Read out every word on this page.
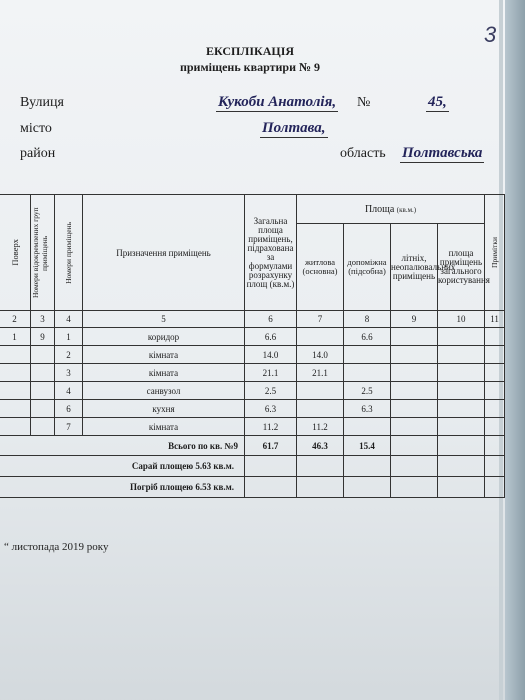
3
ЕКСПЛІКАЦІЯ
приміщень квартири № 9
Вулиця	Кукоби Анатолія, №	45,
місто	Полтава,
район	область Полтавська
Поверх	Номери відокремлених груп приміщень	Номери приміщень	Призначення приміщень	Загальна площа приміщень, підрахована за формулами розрахунку площ (кв.м.)	Площа (кв.м.)				Примітки

					житлова (основна)	допоміжна (підсобна)	літніх, неопалювальних приміщень	площа приміщень загального користування	
2	3	4	5	6	7	8	9	10	11
1	9	1	коридор	6.6		6.6			
		2	кімната	14.0	14.0				
		3	кімната	21.1	21.1				
		4	санвузол	2.5		2.5			
		6	кухня	6.3		6.3			
		7	кімната	11.2	11.2				
Всього по кв. №9				61.7	46.3	15.4			
Сарай площею 5.63 кв.м.									
Погріб площею 6.53 кв.м.									
“ листопада 2019 року
